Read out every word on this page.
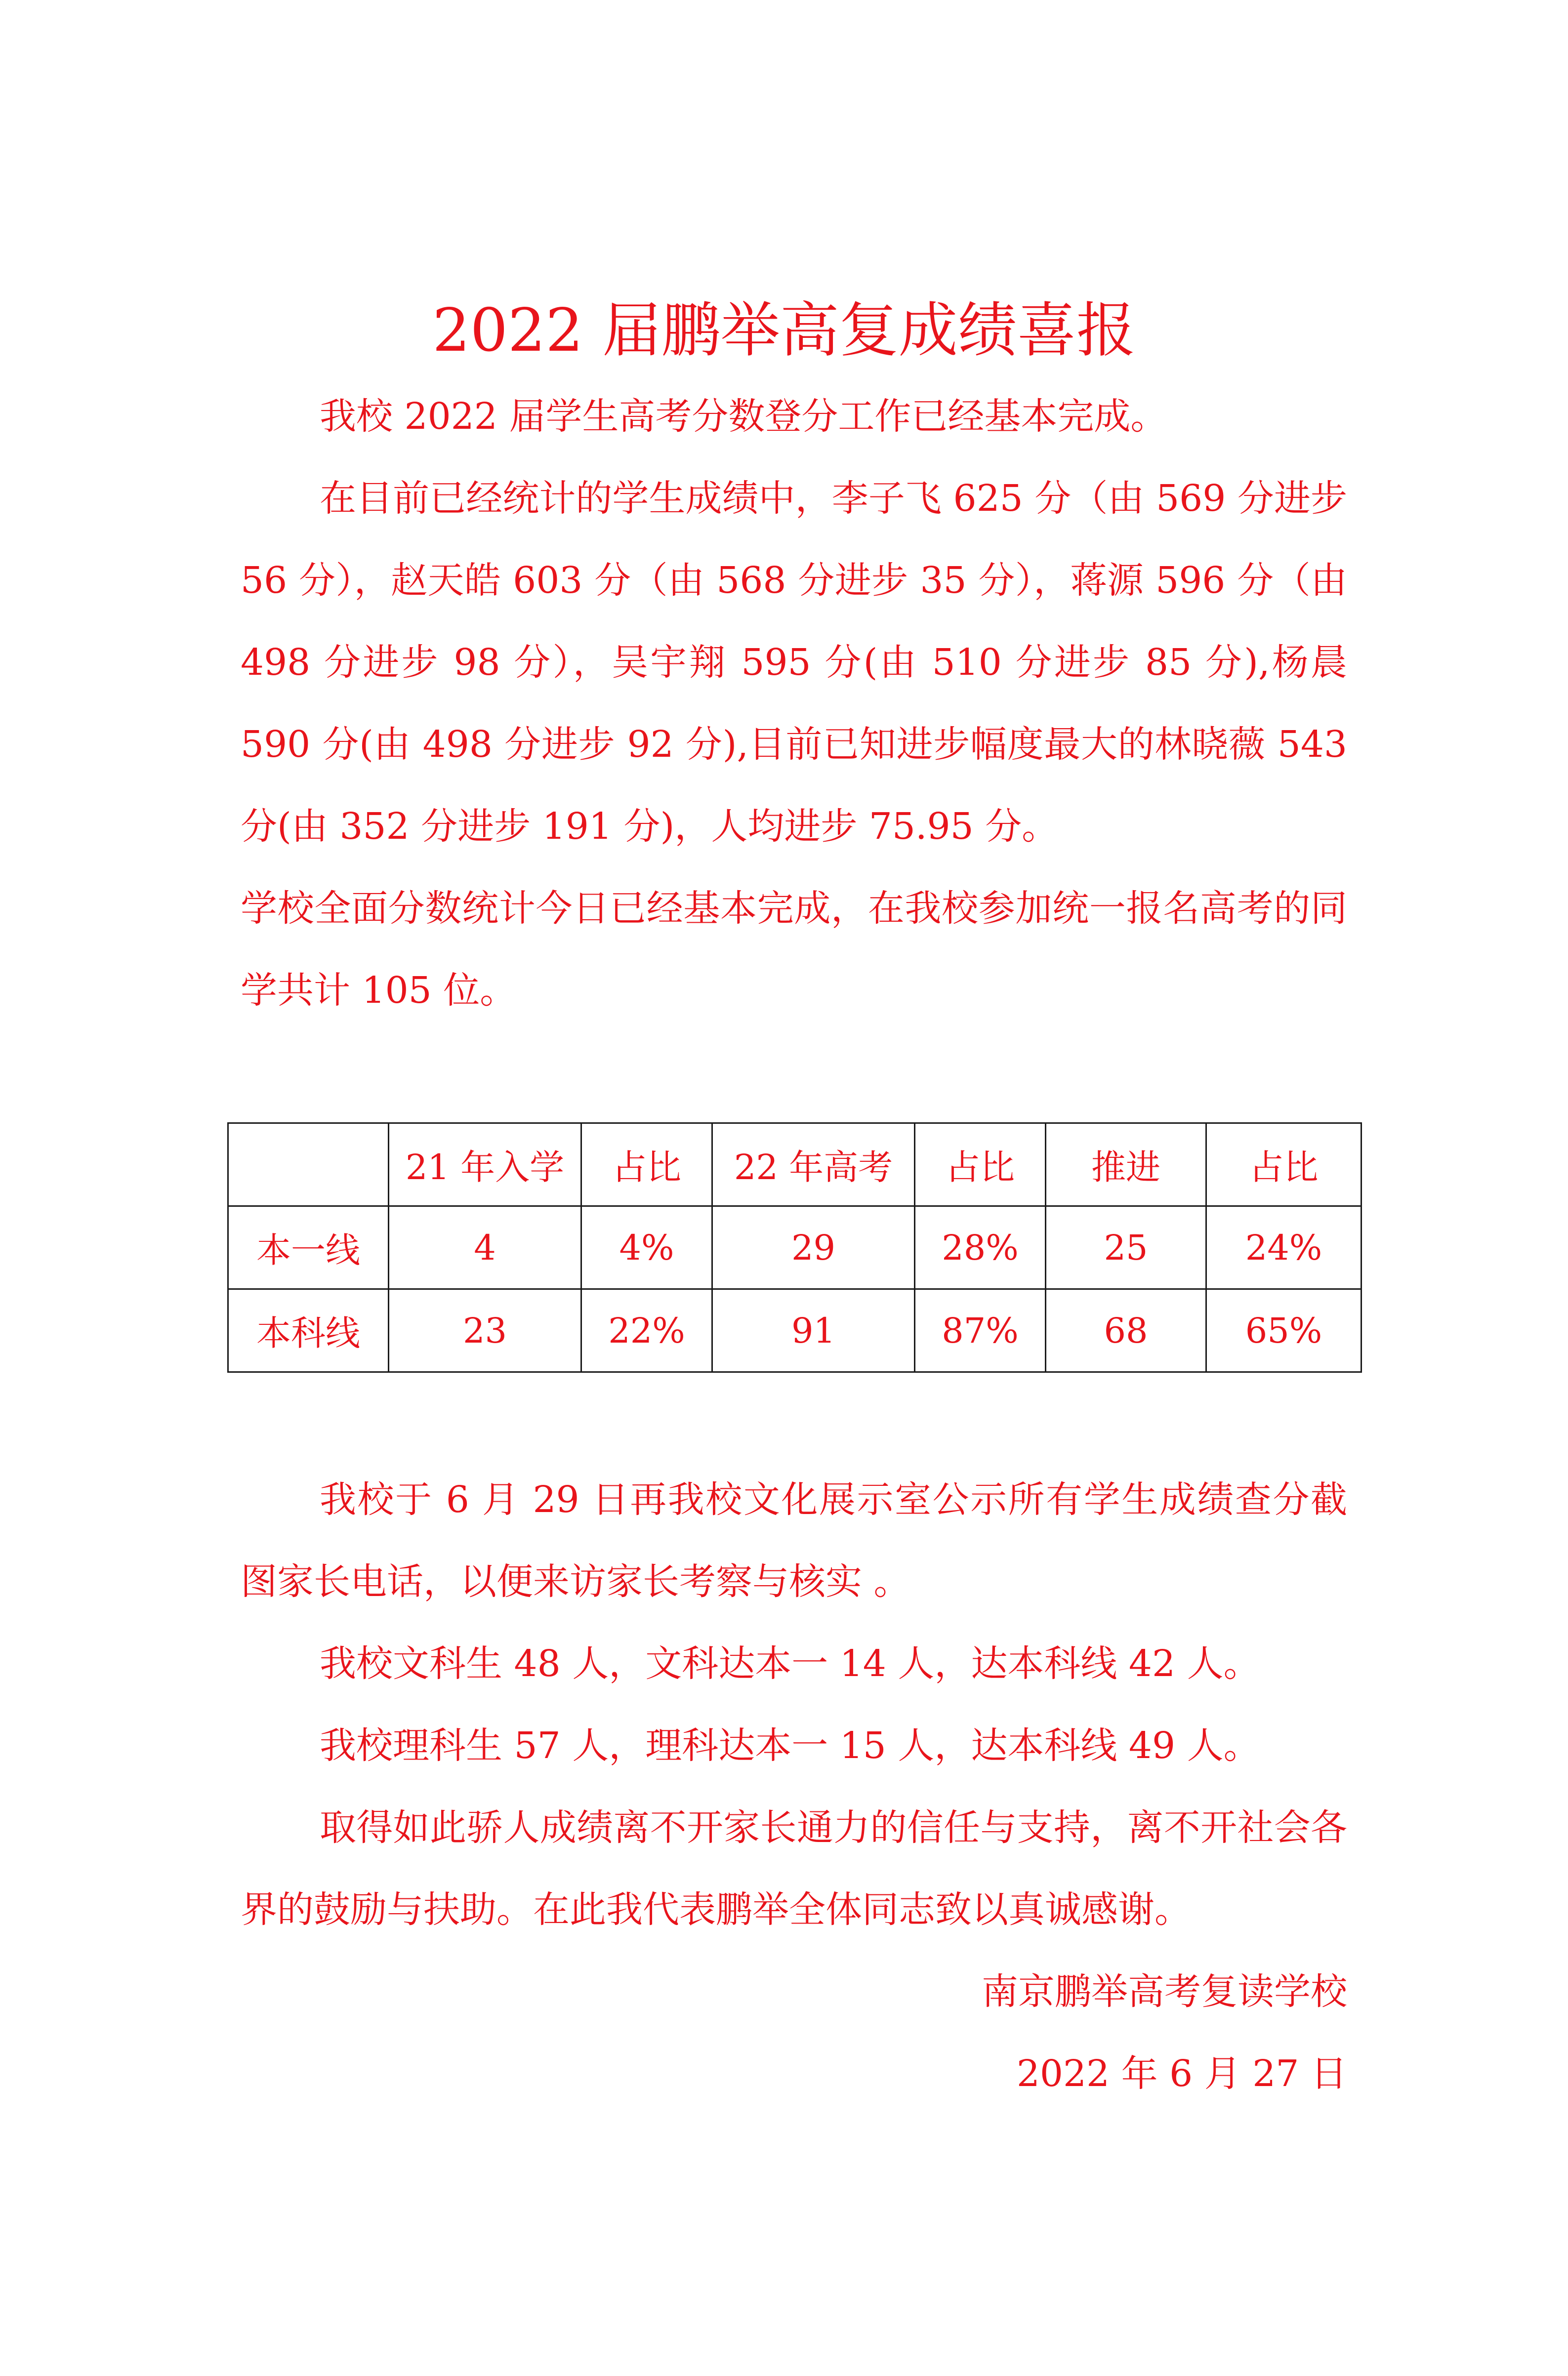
2022 届鹏举高复成绩喜报

我校 2022 届学生高考分数登分工作已经基本完成。

在目前已经统计的学生成绩中，李子飞 625 分（由 569 分进步 56 分），赵天皓 603 分（由 568 分进步 35 分），蒋源 596 分（由 498 分进步 98 分），吴宇翔 595 分(由 510 分进步 85 分),杨晨 590 分(由 498 分进步 92 分),目前已知进步幅度最大的林晓薇 543 分(由 352 分进步 191 分)，人均进步 75.95 分。

学校全面分数统计今日已经基本完成，在我校参加统一报名高考的同学共计 105 位。

	21 年入学	占比	22 年高考	占比	推进	占比
本一线	4	4%	29	28%	25	24%
本科线	23	22%	91	87%	68	65%

我校于 6 月 29 日再我校文化展示室公示所有学生成绩查分截图家长电话，以便来访家长考察与核实 。

我校文科生 48 人，文科达本一 14 人，达本科线 42 人。

我校理科生 57 人，理科达本一 15 人，达本科线 49 人。

取得如此骄人成绩离不开家长通力的信任与支持，离不开社会各界的鼓励与扶助。在此我代表鹏举全体同志致以真诚感谢。

南京鹏举高考复读学校

2022 年 6 月 27 日
